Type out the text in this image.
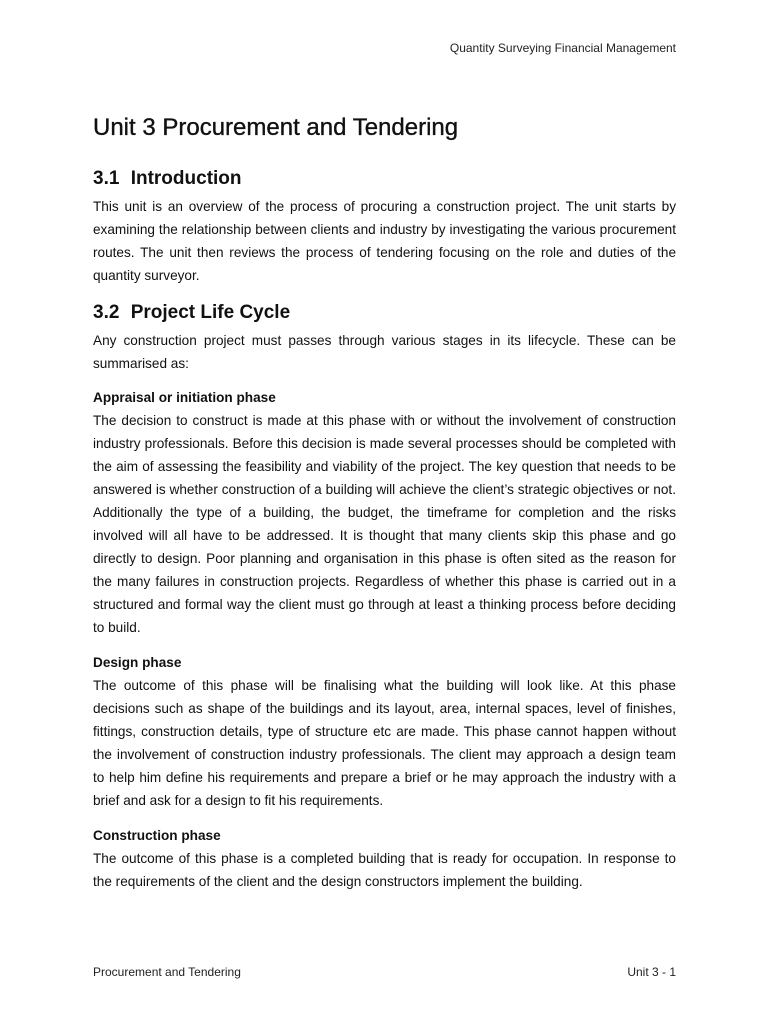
Quantity Surveying Financial Management
Unit 3 Procurement and Tendering
3.1 Introduction

This unit is an overview of the process of procuring a construction project. The unit starts by examining the relationship between clients and industry by investigating the various procurement routes. The unit then reviews the process of tendering focusing on the role and duties of the quantity surveyor.

3.2 Project Life Cycle

Any construction project must passes through various stages in its lifecycle. These can be summarised as:

Appraisal or initiation phase

The decision to construct is made at this phase with or without the involvement of construction industry professionals. Before this decision is made several processes should be completed with the aim of assessing the feasibility and viability of the project. The key question that needs to be answered is whether construction of a building will achieve the client’s strategic objectives or not. Additionally the type of a building, the budget, the timeframe for completion and the risks involved will all have to be addressed. It is thought that many clients skip this phase and go directly to design. Poor planning and organisation in this phase is often sited as the reason for the many failures in construction projects. Regardless of whether this phase is carried out in a structured and formal way the client must go through at least a thinking process before deciding to build.

Design phase

The outcome of this phase will be finalising what the building will look like. At this phase decisions such as shape of the buildings and its layout, area, internal spaces, level of finishes, fittings, construction details, type of structure etc are made. This phase cannot happen without the involvement of construction industry professionals. The client may approach a design team to help him define his requirements and prepare a brief or he may approach the industry with a brief and ask for a design to fit his requirements.

Construction phase

The outcome of this phase is a completed building that is ready for occupation. In response to the requirements of the client and the design constructors implement the building.

Procurement and Tendering	Unit 3 - 1
